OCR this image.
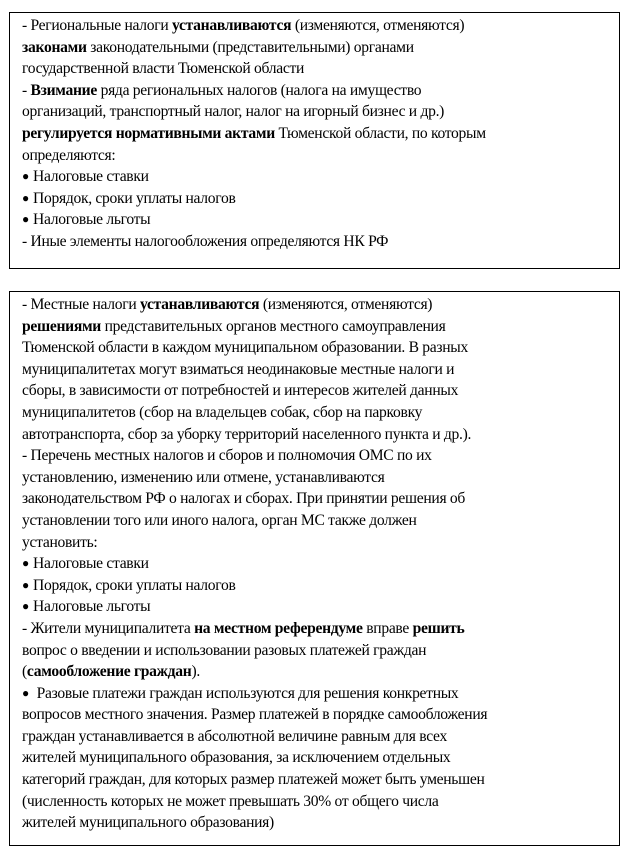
- Региональные налоги устанавливаются (изменяются, отменяются)
законами законодательными (представительными) органами
государственной власти Тюменской области
- Взимание ряда региональных налогов (налога на имущество
организаций, транспортный налог, налог на игорный бизнес и др.)
регулируется нормативными актами Тюменской области, по которым
определяются:
● Налоговые ставки
● Порядок, сроки уплаты налогов
● Налоговые льготы
- Иные элементы налогообложения определяются НК РФ
- Местные налоги устанавливаются (изменяются, отменяются)
решениями представительных органов местного самоуправления
Тюменской области в каждом муниципальном образовании. В разных
муниципалитетах могут взиматься неодинаковые местные налоги и
сборы, в зависимости от потребностей и интересов жителей данных
муниципалитетов (сбор на владельцев собак, сбор на парковку
автотранспорта, сбор за уборку территорий населенного пункта и др.).
- Перечень местных налогов и сборов и полномочия ОМС по их
установлению, изменению или отмене, устанавливаются
законодательством РФ о налогах и сборах. При принятии решения об
установлении того или иного налога, орган МС также должен
установить:
● Налоговые ставки
● Порядок, сроки уплаты налогов
● Налоговые льготы
- Жители муниципалитета на местном референдуме вправе решить
вопрос о введении и использовании разовых платежей граждан
(самообложение граждан).
● Разовые платежи граждан используются для решения конкретных
вопросов местного значения. Размер платежей в порядке самообложения
граждан устанавливается в абсолютной величине равным для всех
жителей муниципального образования, за исключением отдельных
категорий граждан, для которых размер платежей может быть уменьшен
(численность которых не может превышать 30% от общего числа
жителей муниципального образования)
